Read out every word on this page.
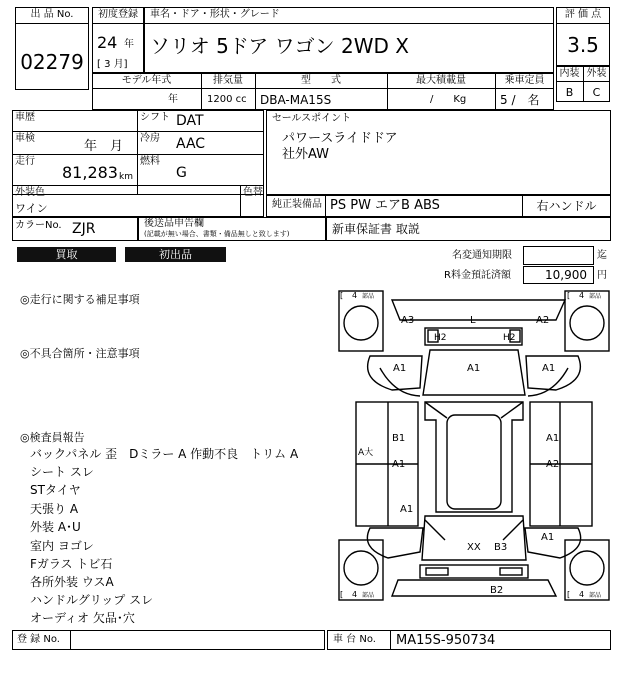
出 品 No.
02279
初度登録
24 年
[ 3 月]
車名・ドア・形状・グレード
ソリオ 5ドア ワゴン 2WD X
評 価 点
3.5
内装 外装
B	C
モデル年式	排気量	型　　式	最大積載量	乗車定員
年	1200 cc DBA-MA15S	/　　Kg	5 /　名
車歴	シフト DAT
車検
年　月
冷房 AAC
走行
81,283 km
燃料
G
セールスポイント
パワースライドドア
社外AW
外装色
ワイン
色替
純正装備品 PS PW エアB ABS	右ハンドル
カラーNo. ZJR	後送品申告欄
(記載が無い場合、書類・備品無しと致します)	新車保証書 取説
買取	初出品	名変通知期限	迄
R料金預託済額	10,900 円
◎走行に関する補足事項
◎不具合箇所・注意事項
◎検査員報告
バックパネル 歪　Dミラー A 作動不良　トリム A
シート スレ
STタイヤ
天張り A
外装 A･U
室内 ヨゴレ
Fガラス トビ石
各所外装 ウスA
ハンドルグリップ スレ
オーディオ 欠品･穴
[ 4 部品	[ 4 部品
[ 4 部品	[ 4 部品
A3	L	A2
H2	H2
A1	A1	A1
B1
A大
A1
A1
A2
A1
A1
XX B3
B2
登 録 No.	車 台 No. MA15S-950734
